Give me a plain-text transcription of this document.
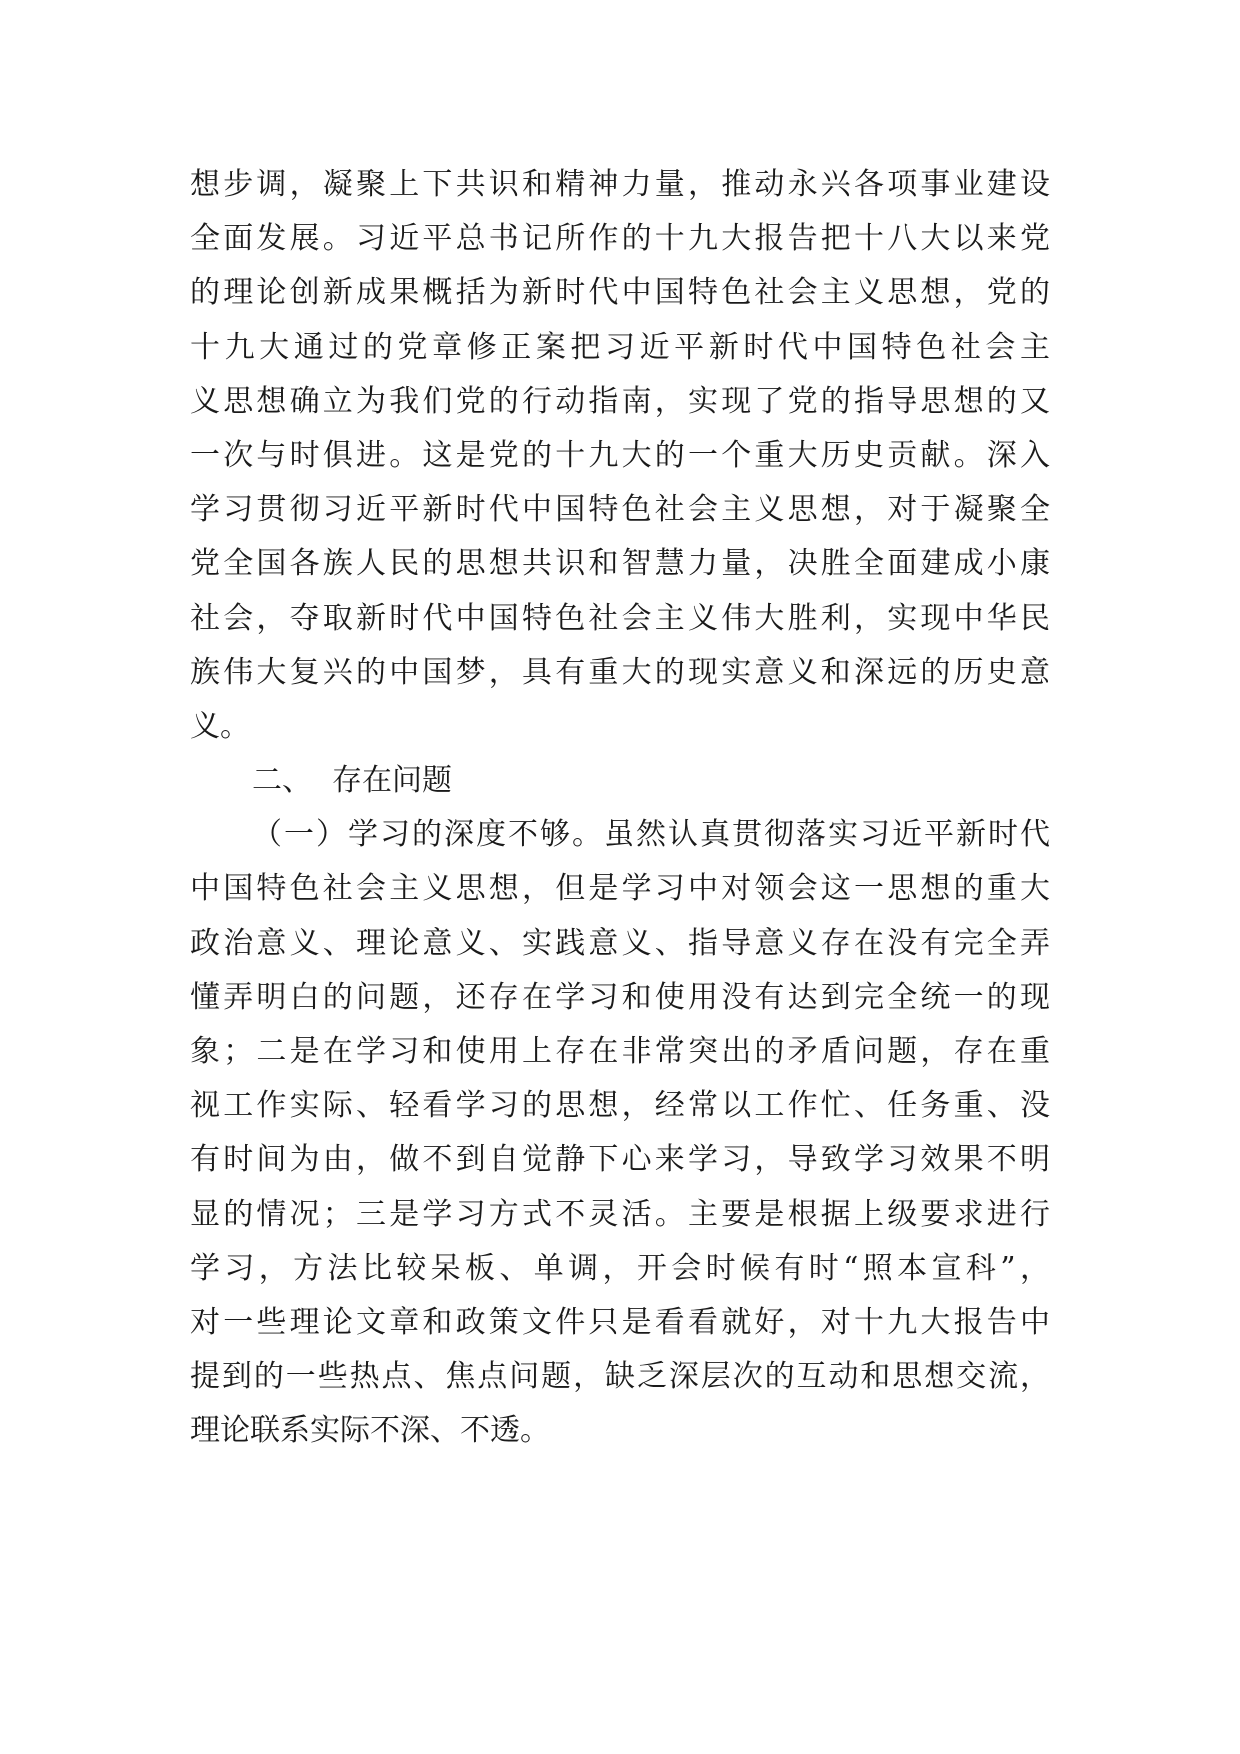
想步调，凝聚上下共识和精神力量，推动永兴各项事业建设
全面发展。习近平总书记所作的十九大报告把十八大以来党
的理论创新成果概括为新时代中国特色社会主义思想，党的
十九大通过的党章修正案把习近平新时代中国特色社会主
义思想确立为我们党的行动指南，实现了党的指导思想的又
一次与时俱进。这是党的十九大的一个重大历史贡献。深入
学习贯彻习近平新时代中国特色社会主义思想，对于凝聚全
党全国各族人民的思想共识和智慧力量，决胜全面建成小康
社会，夺取新时代中国特色社会主义伟大胜利，实现中华民
族伟大复兴的中国梦，具有重大的现实意义和深远的历史意
义。
二、 存在问题
（一）学习的深度不够。虽然认真贯彻落实习近平新时代
中国特色社会主义思想，但是学习中对领会这一思想的重大
政治意义、理论意义、实践意义、指导意义存在没有完全弄
懂弄明白的问题，还存在学习和使用没有达到完全统一的现
象；二是在学习和使用上存在非常突出的矛盾问题，存在重
视工作实际、轻看学习的思想，经常以工作忙、任务重、没
有时间为由，做不到自觉静下心来学习，导致学习效果不明
显的情况；三是学习方式不灵活。主要是根据上级要求进行
学习，方法比较呆板、单调，开会时候有时“照本宣科”，
对一些理论文章和政策文件只是看看就好，对十九大报告中
提到的一些热点、焦点问题，缺乏深层次的互动和思想交流，
理论联系实际不深、不透。
